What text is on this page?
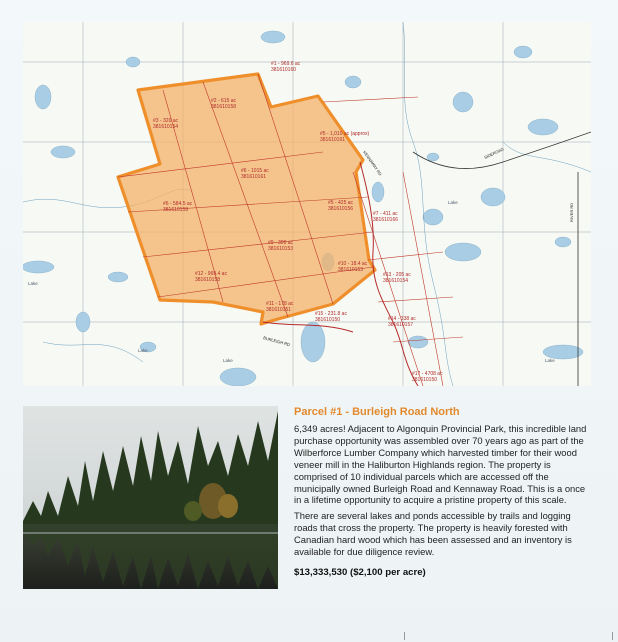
#1 - 969.6 ac
381610160
#2 - 615 ac
381610158
#3 - 320 ac
381610154
#5 - 1,010 ac (approx)
381610161
#6 - 1015 ac
381610161
#6 - 584.5 ac
381610159
#5 - 425 ac
381610156
#7 - 411 ac
381610166
#9 - 306 ac
381610153
#10 - 18.4 ac
381610153
#12 - 969.4 ac
381610158
#13 - 205 ac
381610154
#11 - 178 ac
381610151
#15 - 231.8 ac
381610150	#14 - 338 ac
381610157
#17 - 4708 ac
381610150
Lake
Lake
Lake
Lake
Lake
BURLEIGH RD
KENNAWAY RD	SIDEROAD
RIVER RD
Parcel #1 - Burleigh Road North

6,349 acres! Adjacent to Algonquin Provincial Park, this incredible land purchase opportunity was assembled over 70 years ago as part of the Wilberforce Lumber Company which harvested timber for their wood veneer mill in the Haliburton Highlands region. The property is comprised of 10 individual parcels which are accessed off the municipally owned Burleigh Road and Kennaway Road. This is a once in a lifetime opportunity to acquire a pristine property of this scale.

There are several lakes and ponds accessible by trails and logging roads that cross the property. The property is heavily forested with Canadian hard wood which has been assessed and an inventory is available for due diligence review.

$13,333,530 ($2,100 per acre)
